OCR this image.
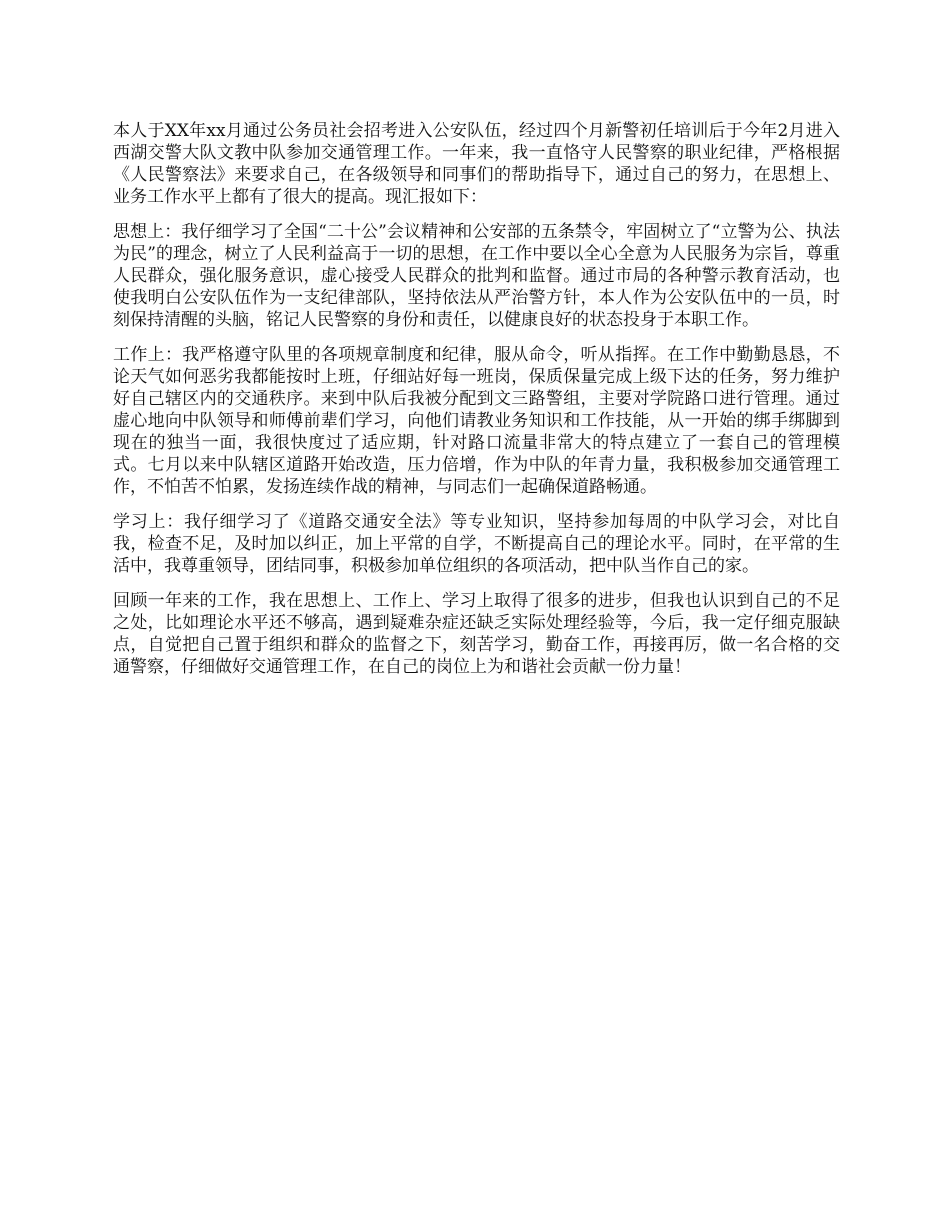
本人于XX年xx月通过公务员社会招考进入公安队伍，经过四个月新警初任培训后于今年2月进入西湖交警大队文教中队参加交通管理工作。一年来，我一直恪守人民警察的职业纪律，严格根据《人民警察法》来要求自己，在各级领导和同事们的帮助指导下，通过自己的努力，在思想上、业务工作水平上都有了很大的提高。现汇报如下：

思想上：我仔细学习了全国“二十公”会议精神和公安部的五条禁令，牢固树立了“立警为公、执法为民”的理念，树立了人民利益高于一切的思想，在工作中要以全心全意为人民服务为宗旨，尊重人民群众，强化服务意识，虚心接受人民群众的批判和监督。通过市局的各种警示教育活动，也使我明白公安队伍作为一支纪律部队，坚持依法从严治警方针，本人作为公安队伍中的一员，时刻保持清醒的头脑，铭记人民警察的身份和责任，以健康良好的状态投身于本职工作。

工作上：我严格遵守队里的各项规章制度和纪律，服从命令，听从指挥。在工作中勤勤恳恳，不论天气如何恶劣我都能按时上班，仔细站好每一班岗，保质保量完成上级下达的任务，努力维护好自己辖区内的交通秩序。来到中队后我被分配到文三路警组，主要对学院路口进行管理。通过虚心地向中队领导和师傅前辈们学习，向他们请教业务知识和工作技能，从一开始的绑手绑脚到现在的独当一面，我很快度过了适应期，针对路口流量非常大的特点建立了一套自己的管理模式。七月以来中队辖区道路开始改造，压力倍增，作为中队的年青力量，我积极参加交通管理工作，不怕苦不怕累，发扬连续作战的精神，与同志们一起确保道路畅通。

学习上：我仔细学习了《道路交通安全法》等专业知识，坚持参加每周的中队学习会，对比自我，检查不足，及时加以纠正，加上平常的自学，不断提高自己的理论水平。同时，在平常的生活中，我尊重领导，团结同事，积极参加单位组织的各项活动，把中队当作自己的家。

回顾一年来的工作，我在思想上、工作上、学习上取得了很多的进步，但我也认识到自己的不足之处，比如理论水平还不够高，遇到疑难杂症还缺乏实际处理经验等，今后，我一定仔细克服缺点，自觉把自己置于组织和群众的监督之下，刻苦学习，勤奋工作，再接再厉，做一名合格的交通警察，仔细做好交通管理工作，在自己的岗位上为和谐社会贡献一份力量！
